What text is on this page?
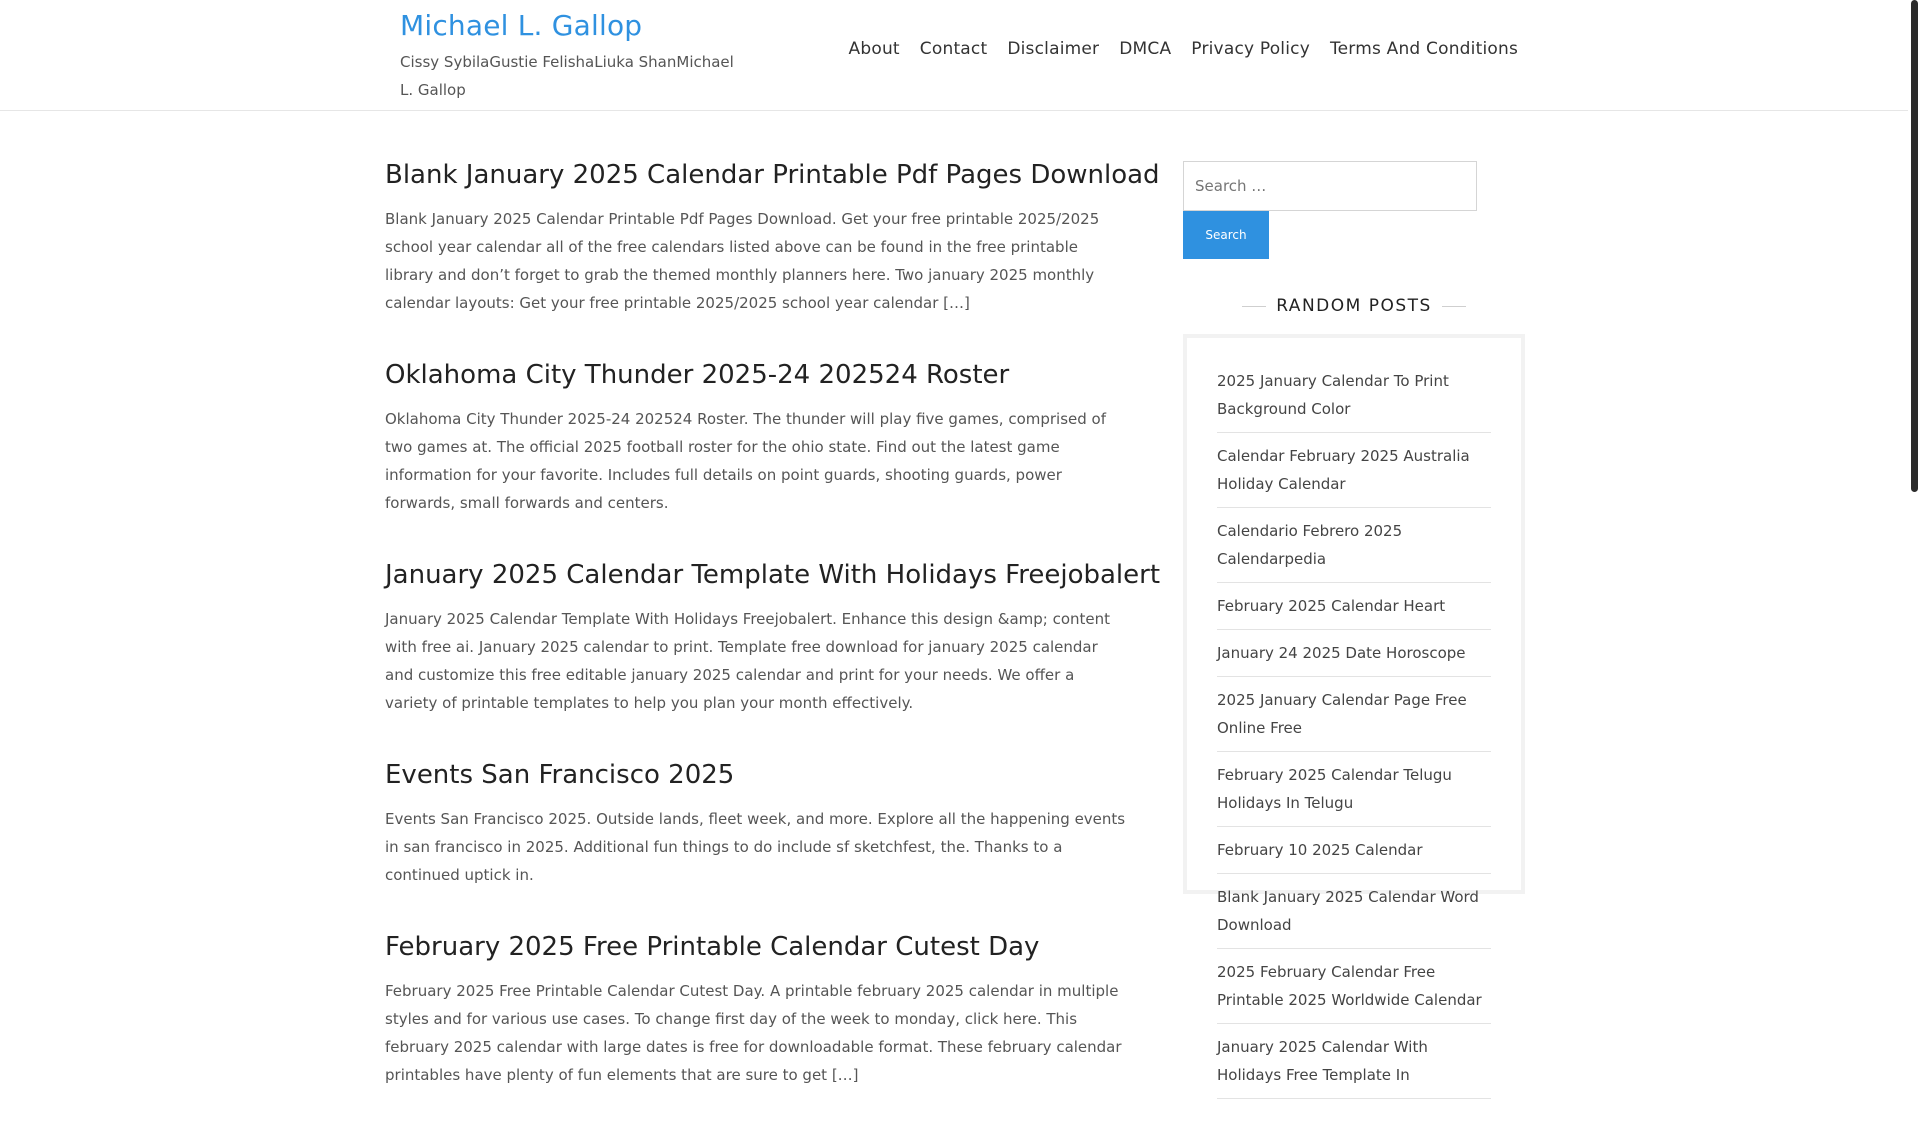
Michael L. Gallop

Cissy SybilaGustie FelishaLiuka ShanMichael L. Gallop

About Contact Disclaimer DMCA Privacy Policy Terms And Conditions
Blank January 2025 Calendar Printable Pdf Pages Download

Blank January 2025 Calendar Printable Pdf Pages Download. Get your free printable 2025/2025 school year calendar all of the free calendars listed above can be found in the free printable library and don’t forget to grab the themed monthly planners here. Two january 2025 monthly calendar layouts: Get your free printable 2025/2025 school year calendar […]

Oklahoma City Thunder 2025-24 202524 Roster

Oklahoma City Thunder 2025-24 202524 Roster. The thunder will play five games, comprised of two games at. The official 2025 football roster for the ohio state. Find out the latest game information for your favorite. Includes full details on point guards, shooting guards, power forwards, small forwards and centers.

January 2025 Calendar Template With Holidays Freejobalert

January 2025 Calendar Template With Holidays Freejobalert. Enhance this design &amp; content with free ai. January 2025 calendar to print. Template free download for january 2025 calendar and customize this free editable january 2025 calendar and print for your needs. We offer a variety of printable templates to help you plan your month effectively.

Events San Francisco 2025

Events San Francisco 2025. Outside lands, fleet week, and more. Explore all the happening events in san francisco in 2025. Additional fun things to do include sf sketchfest, the. Thanks to a continued uptick in.

February 2025 Free Printable Calendar Cutest Day

February 2025 Free Printable Calendar Cutest Day. A printable february 2025 calendar in multiple styles and for various use cases. To change first day of the week to monday, click here. This february 2025 calendar with large dates is free for downloadable format. These february calendar printables have plenty of fun elements that are sure to get […]

Search …
Search
RANDOM POSTS
2025 January Calendar To Print Background Color
Calendar February 2025 Australia Holiday Calendar
Calendario Febrero 2025 Calendarpedia
February 2025 Calendar Heart
January 24 2025 Date Horoscope
2025 January Calendar Page Free Online Free
February 2025 Calendar Telugu Holidays In Telugu
February 10 2025 Calendar
Blank January 2025 Calendar Word Download
2025 February Calendar Free Printable 2025 Worldwide Calendar
January 2025 Calendar With Holidays Free Template In
